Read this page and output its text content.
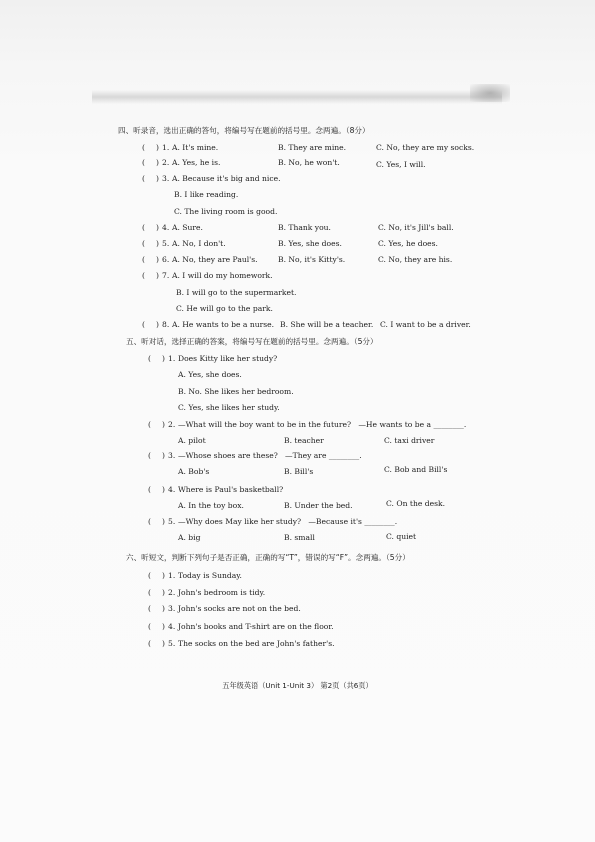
四、听录音，选出正确的答句，将编号写在题前的括号里。念两遍。（8分）
( ) 1. A. It's mine.	B. They are mine.	C. No, they are my socks.
( ) 2. A. Yes, he is.	B. No, he won't.	C. Yes, I will.
( ) 3. A. Because it's big and nice.
B. I like reading.
C. The living room is good.
( ) 4. A. Sure.	B. Thank you.	C. No, it's Jill's ball.
( ) 5. A. No, I don't.	B. Yes, she does.	C. Yes, he does.
( ) 6. A. No, they are Paul's.	B. No, it's Kitty's.	C. No, they are his.
( ) 7. A. I will do my homework.
B. I will go to the supermarket.
C. He will go to the park.
( ) 8. A. He wants to be a nurse. B. She will be a teacher. C. I want to be a driver.
五、听对话，选择正确的答案，将编号写在题前的括号里。念两遍。（5分）
( ) 1. Does Kitty like her study?
A. Yes, she does.
B. No. She likes her bedroom.
C. Yes, she likes her study.
( ) 2. —What will the boy want to be in the future?   —He wants to be a ________.
A. pilot	B. teacher	C. taxi driver
( ) 3. —Whose shoes are these?   —They are ________.
A. Bob's	B. Bill's	C. Bob and Bill's
( ) 4. Where is Paul's basketball?
A. In the toy box.	B. Under the bed.	C. On the desk.
( ) 5. —Why does May like her study?   —Because it's ________.
A. big	B. small	C. quiet
六、听短文，判断下列句子是否正确，正确的写“T”，错误的写“F”。念两遍。（5分）
( ) 1. Today is Sunday.
( ) 2. John's bedroom is tidy.
( ) 3. John's socks are not on the bed.
( ) 4. John's books and T-shirt are on the floor.
( ) 5. The socks on the bed are John's father's.
五年级英语（Unit 1-Unit 3） 第2页（共6页）
